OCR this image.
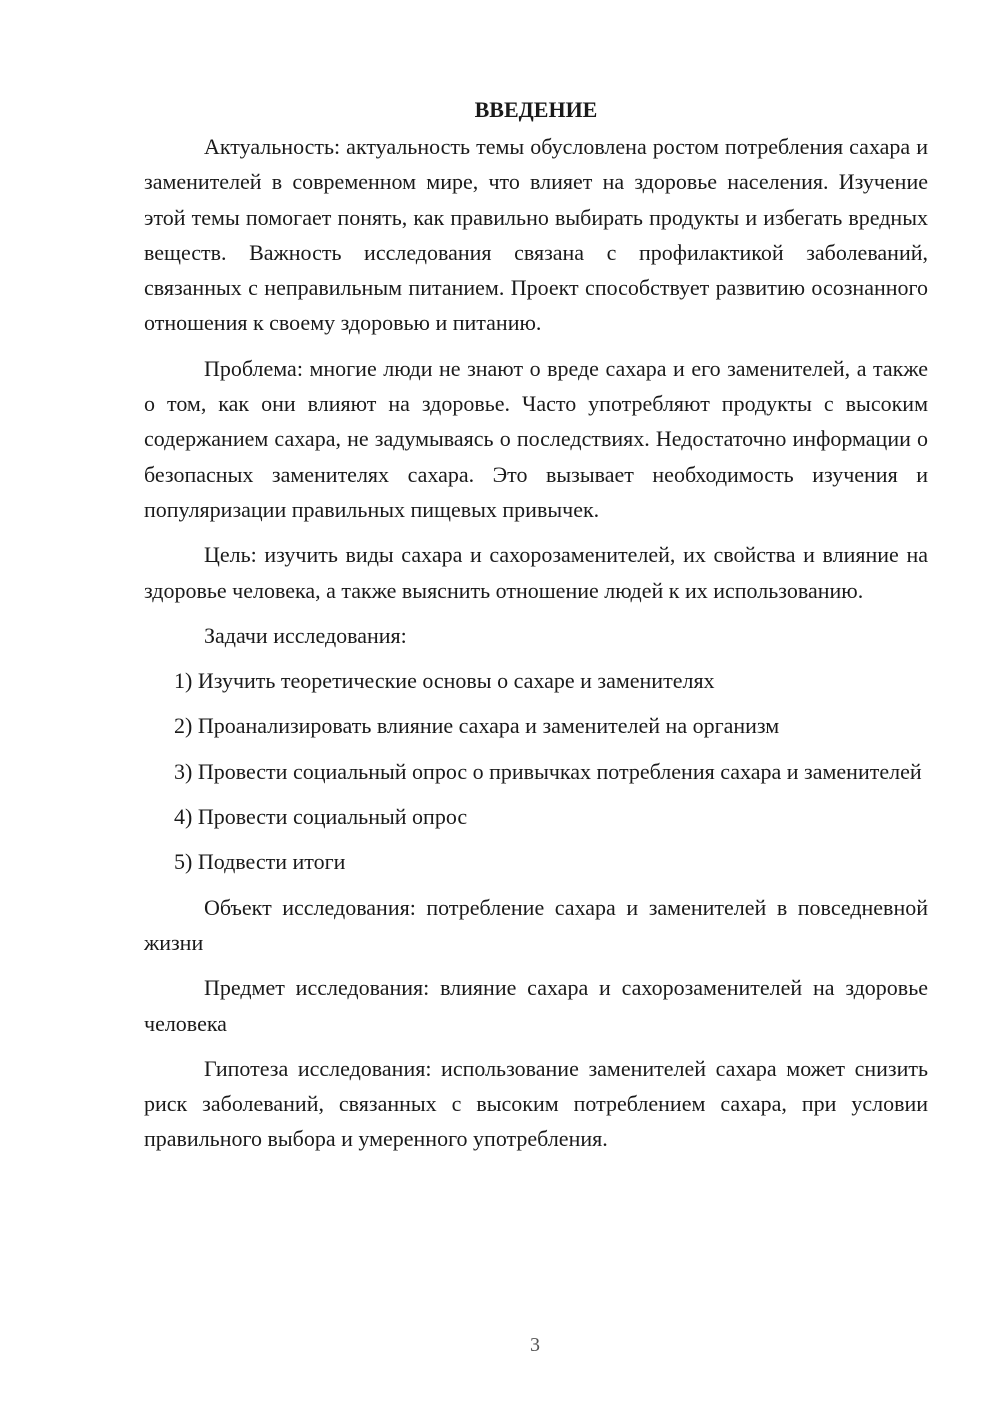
ВВЕДЕНИЕ

Актуальность: актуальность темы обусловлена ростом потребления сахара и заменителей в современном мире, что влияет на здоровье населения. Изучение этой темы помогает понять, как правильно выбирать продукты и избегать вредных веществ. Важность исследования связана с профилактикой заболеваний, связанных с неправильным питанием. Проект способствует развитию осознанного отношения к своему здоровью и питанию.

Проблема: многие люди не знают о вреде сахара и его заменителей, а также о том, как они влияют на здоровье. Часто употребляют продукты с высоким содержанием сахара, не задумываясь о последствиях. Недостаточно информации о безопасных заменителях сахара. Это вызывает необходимость изучения и популяризации правильных пищевых привычек.

Цель: изучить виды сахара и сахорозаменителей, их свойства и влияние на здоровье человека, а также выяснить отношение людей к их использованию.

Задачи исследования:

1) Изучить теоретические основы о сахаре и заменителях

2) Проанализировать влияние сахара и заменителей на организм

3) Провести социальный опрос о привычках потребления сахара и заменителей

4) Провести социальный опрос

5) Подвести итоги

Объект исследования: потребление сахара и заменителей в повседневной жизни

Предмет исследования: влияние сахара и сахорозаменителей на здоровье человека

Гипотеза исследования: использование заменителей сахара может снизить риск заболеваний, связанных с высоким потреблением сахара, при условии правильного выбора и умеренного употребления.

3
